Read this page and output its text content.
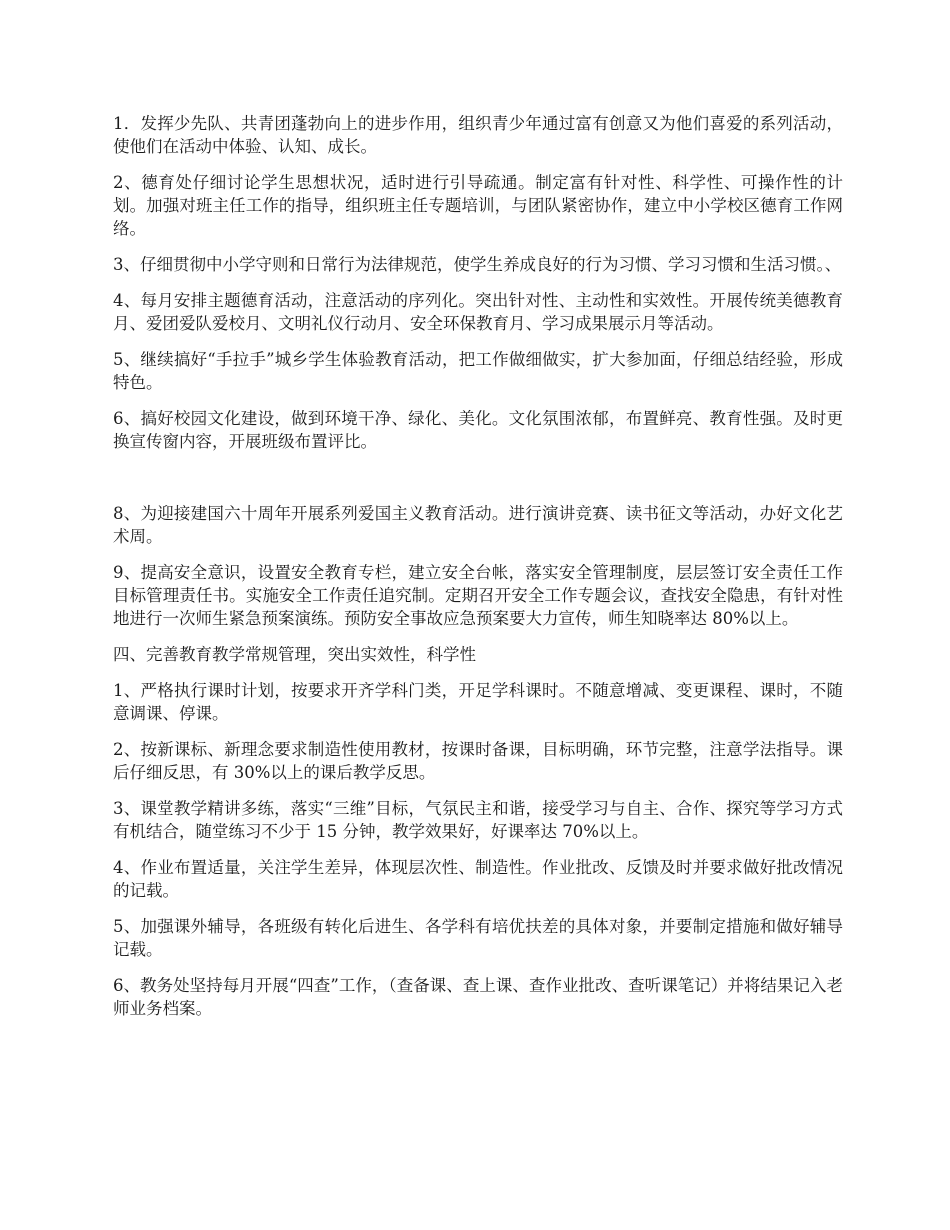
1．发挥少先队、共青团蓬勃向上的进步作用，组织青少年通过富有创意又为他们喜爱的系列活动，使他们在活动中体验、认知、成长。

2、德育处仔细讨论学生思想状况，适时进行引导疏通。制定富有针对性、科学性、可操作性的计划。加强对班主任工作的指导，组织班主任专题培训，与团队紧密协作，建立中小学校区德育工作网络。

3、仔细贯彻中小学守则和日常行为法律规范，使学生养成良好的行为习惯、学习习惯和生活习惯。、

4、每月安排主题德育活动，注意活动的序列化。突出针对性、主动性和实效性。开展传统美德教育月、爱团爱队爱校月、文明礼仪行动月、安全环保教育月、学习成果展示月等活动。

5、继续搞好“手拉手”城乡学生体验教育活动，把工作做细做实，扩大参加面，仔细总结经验，形成特色。

6、搞好校园文化建设，做到环境干净、绿化、美化。文化氛围浓郁，布置鲜亮、教育性强。及时更换宣传窗内容，开展班级布置评比。

8、为迎接建国六十周年开展系列爱国主义教育活动。进行演讲竞赛、读书征文等活动，办好文化艺术周。

9、提高安全意识，设置安全教育专栏，建立安全台帐，落实安全管理制度，层层签订安全责任工作目标管理责任书。实施安全工作责任追究制。定期召开安全工作专题会议，查找安全隐患，有针对性地进行一次师生紧急预案演练。预防安全事故应急预案要大力宣传，师生知晓率达 80%以上。

四、完善教育教学常规管理，突出实效性，科学性

1、严格执行课时计划，按要求开齐学科门类，开足学科课时。不随意增减、变更课程、课时，不随意调课、停课。

2、按新课标、新理念要求制造性使用教材，按课时备课，目标明确，环节完整，注意学法指导。课后仔细反思，有 30%以上的课后教学反思。

3、课堂教学精讲多练，落实“三维”目标，气氛民主和谐，接受学习与自主、合作、探究等学习方式有机结合，随堂练习不少于 15 分钟，教学效果好，好课率达 70%以上。

4、作业布置适量，关注学生差异，体现层次性、制造性。作业批改、反馈及时并要求做好批改情况的记载。

5、加强课外辅导，各班级有转化后进生、各学科有培优扶差的具体对象，并要制定措施和做好辅导记载。

6、教务处坚持每月开展“四查”工作，（查备课、查上课、查作业批改、查听课笔记）并将结果记入老师业务档案。
